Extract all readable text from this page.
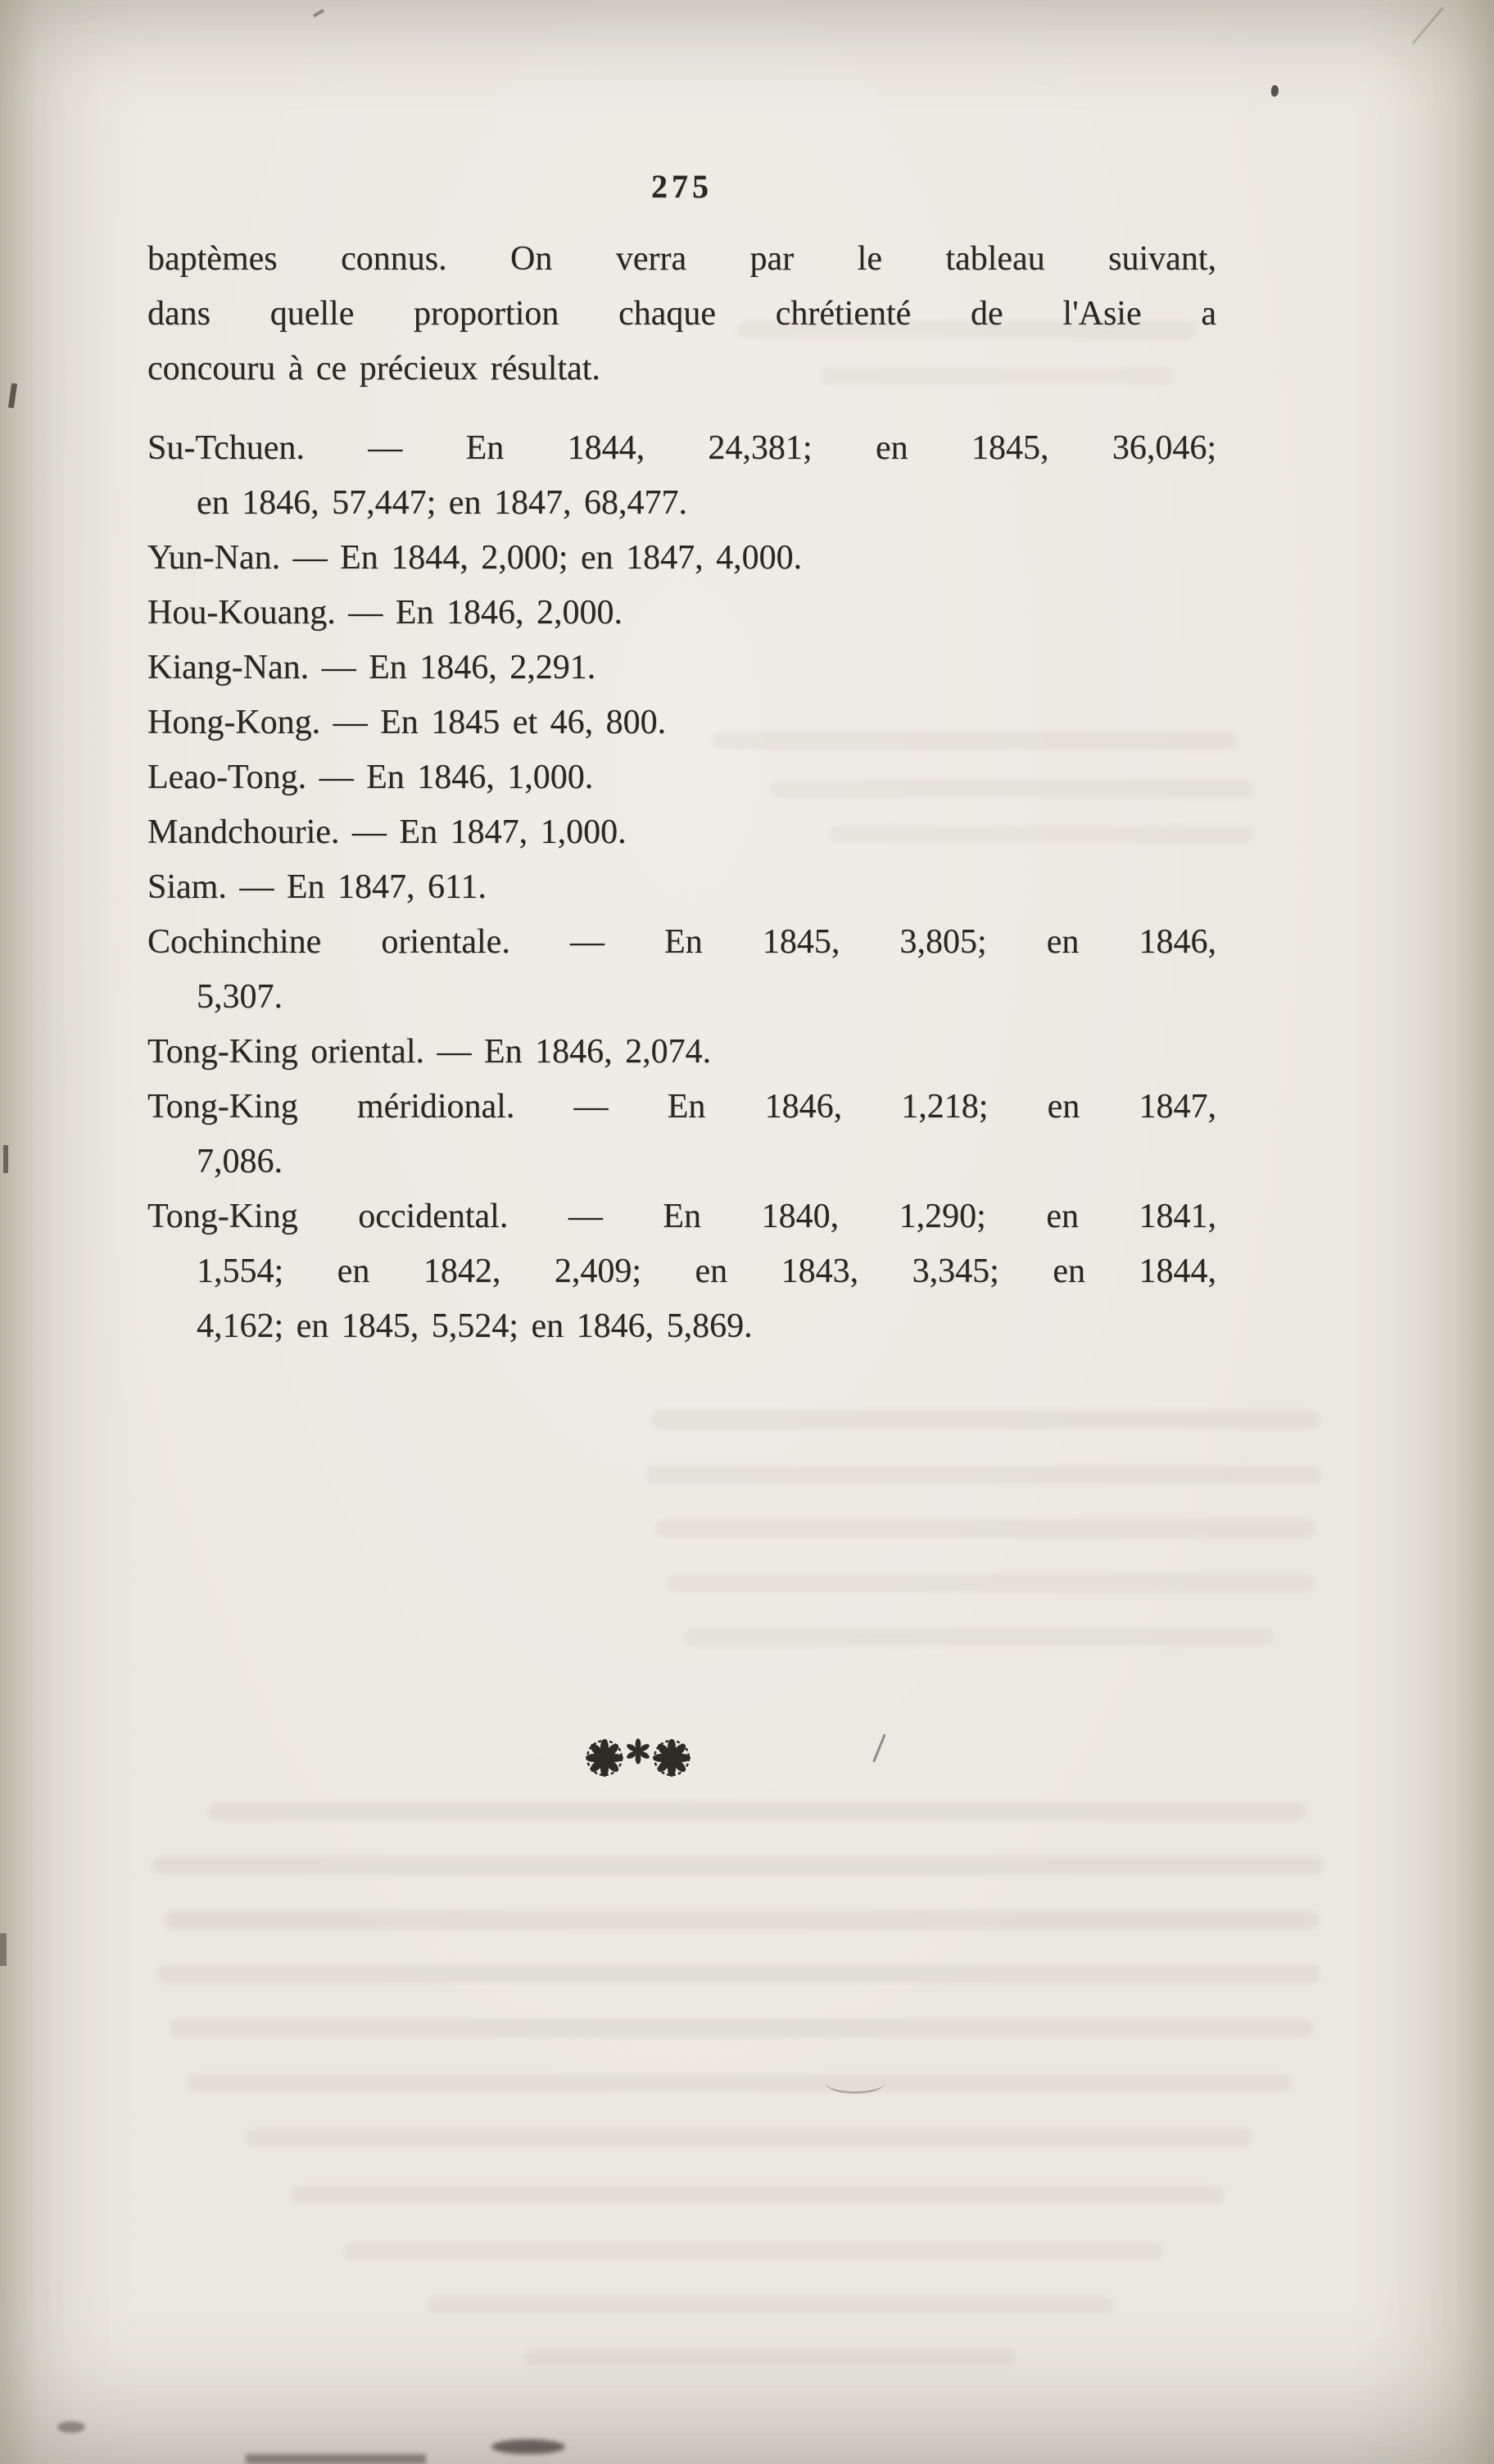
275
baptèmes connus. On verra par le tableau suivant,
dans quelle proportion chaque chrétienté de l'Asie a
concouru à ce précieux résultat.
Su-Tchuen. — En 1844, 24,381; en 1845, 36,046;
en 1846, 57,447; en 1847, 68,477.
Yun-Nan. — En 1844, 2,000; en 1847, 4,000.
Hou-Kouang. — En 1846, 2,000.
Kiang-Nan. — En 1846, 2,291.
Hong-Kong. — En 1845 et 46, 800.
Leao-Tong. — En 1846, 1,000.
Mandchourie. — En 1847, 1,000.
Siam. — En 1847, 611.
Cochinchine orientale. — En 1845, 3,805; en 1846,
5,307.
Tong-King oriental. — En 1846, 2,074.
Tong-King méridional. — En 1846, 1,218; en 1847,
7,086.
Tong-King occidental. — En 1840, 1,290; en 1841,
1,554; en 1842, 2,409; en 1843, 3,345; en 1844,
4,162; en 1845, 5,524; en 1846, 5,869.
